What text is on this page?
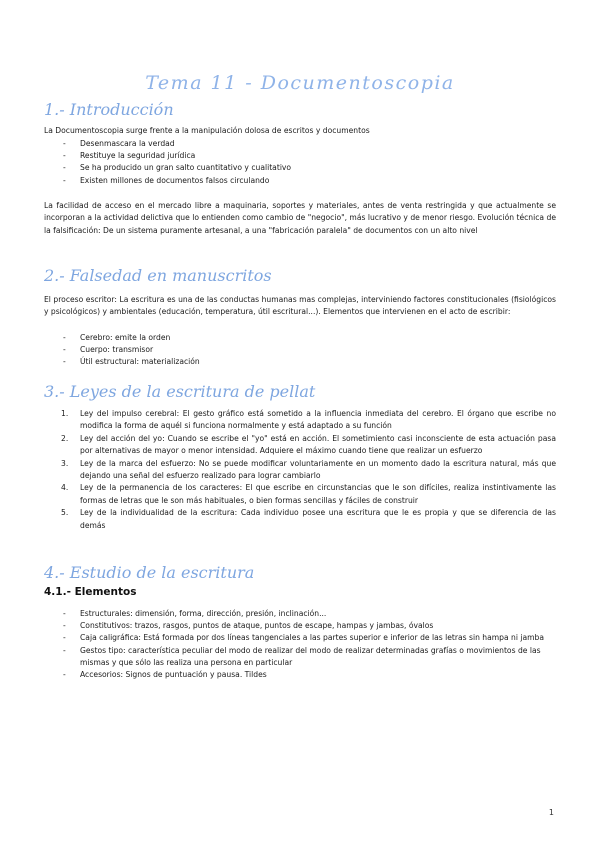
Tema 11 - Documentoscopia
1.- Introducción

La Documentoscopia surge frente a la manipulación dolosa de escritos y documentos

- Desenmascara la verdad
- Restituye la seguridad jurídica
- Se ha producido un gran salto cuantitativo y cualitativo
- Existen millones de documentos falsos circulando

La facilidad de acceso en el mercado libre a maquinaria, soportes y materiales, antes de venta restringida y que actualmente se incorporan a la actividad delictiva que lo entienden como cambio de "negocio", más lucrativo y de menor riesgo. Evolución técnica de la falsificación: De un sistema puramente artesanal, a una "fabricación paralela" de documentos con un alto nivel

2.- Falsedad en manuscritos

El proceso escritor: La escritura es una de las conductas humanas mas complejas, interviniendo factores constitucionales (fisiológicos y psicológicos) y ambientales (educación, temperatura, útil escritural...). Elementos que intervienen en el acto de escribir:

- Cerebro: emite la orden
- Cuerpo: transmisor
- Útil estructural: materialización
3.- Leyes de la escritura de pellat
1. Ley del impulso cerebral: El gesto gráfico está sometido a la influencia inmediata del cerebro. El órgano que escribe no modifica la forma de aquél si funciona normalmente y está adaptado a su función
2. Ley del acción del yo: Cuando se escribe el "yo" está en acción. El sometimiento casi inconsciente de esta actuación pasa por alternativas de mayor o menor intensidad. Adquiere el máximo cuando tiene que realizar un esfuerzo
3. Ley de la marca del esfuerzo: No se puede modificar voluntariamente en un momento dado la escritura natural, más que dejando una señal del esfuerzo realizado para lograr cambiarlo
4. Ley de la permanencia de los caracteres: El que escribe en circunstancias que le son difíciles, realiza instintivamente las formas de letras que le son más habituales, o bien formas sencillas y fáciles de construir
5. Ley de la individualidad de la escritura: Cada individuo posee una escritura que le es propia y que se diferencia de las demás
4.- Estudio de la escritura
4.1.- Elementos
- Estructurales: dimensión, forma, dirección, presión, inclinación...
- Constitutivos: trazos, rasgos, puntos de ataque, puntos de escape, hampas y jambas, óvalos
- Caja caligráfica: Está formada por dos líneas tangenciales a las partes superior e inferior de las letras sin hampa ni jamba
- Gestos tipo: característica peculiar del modo de realizar del modo de realizar determinadas grafías o movimientos de las mismas y que sólo las realiza una persona en particular
- Accesorios: Signos de puntuación y pausa. Tildes
1
